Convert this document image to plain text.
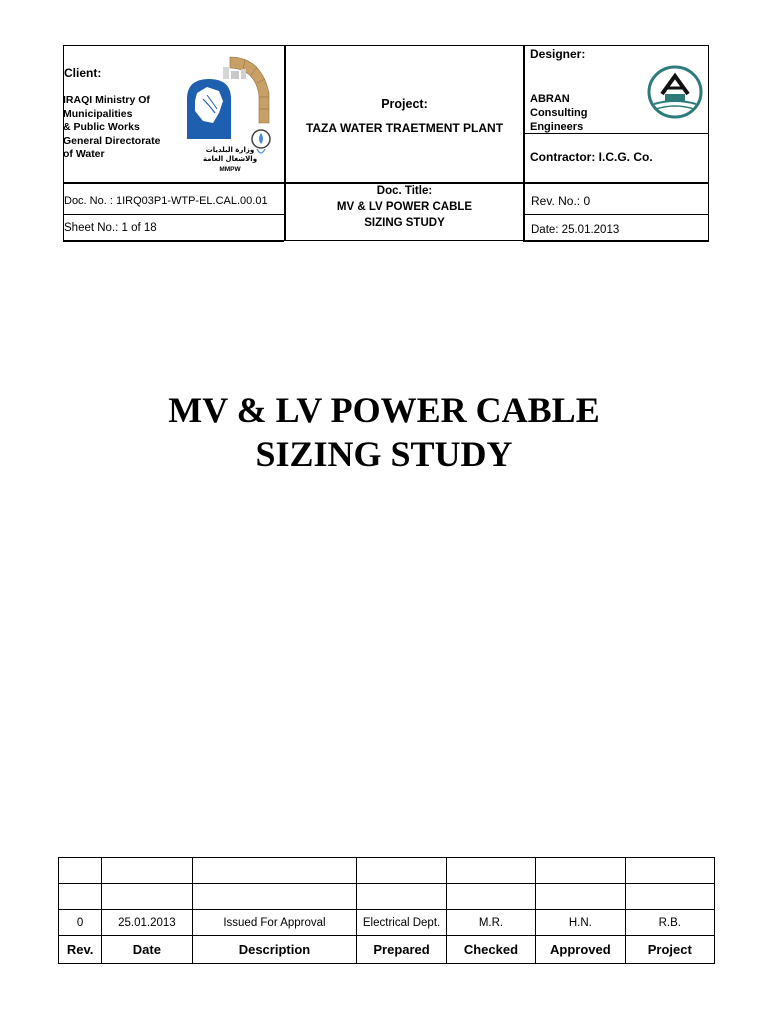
Client:
IRAQI Ministry Of
Municipalities
& Public Works
General Directorate
of Water	وزارة البلديات
والاشغال العامة
MMPW
Project:
TAZA WATER TRAETMENT PLANT
Designer:
ABRAN
Consulting
Engineers
Contractor: I.C.G. Co.
Doc. No. : 1IRQ03P1-WTP-EL.CAL.00.01
Sheet No.: 1 of 18
Doc. Title:
MV & LV POWER CABLE
SIZING STUDY
Rev. No.: 0
Date: 25.01.2013
MV & LV POWER CABLE
SIZING STUDY

0	25.01.2013	Issued For Approval	Electrical Dept.	M.R.	H.N.	R.B.
Rev.	Date	Description	Prepared	Checked	Approved	Project
